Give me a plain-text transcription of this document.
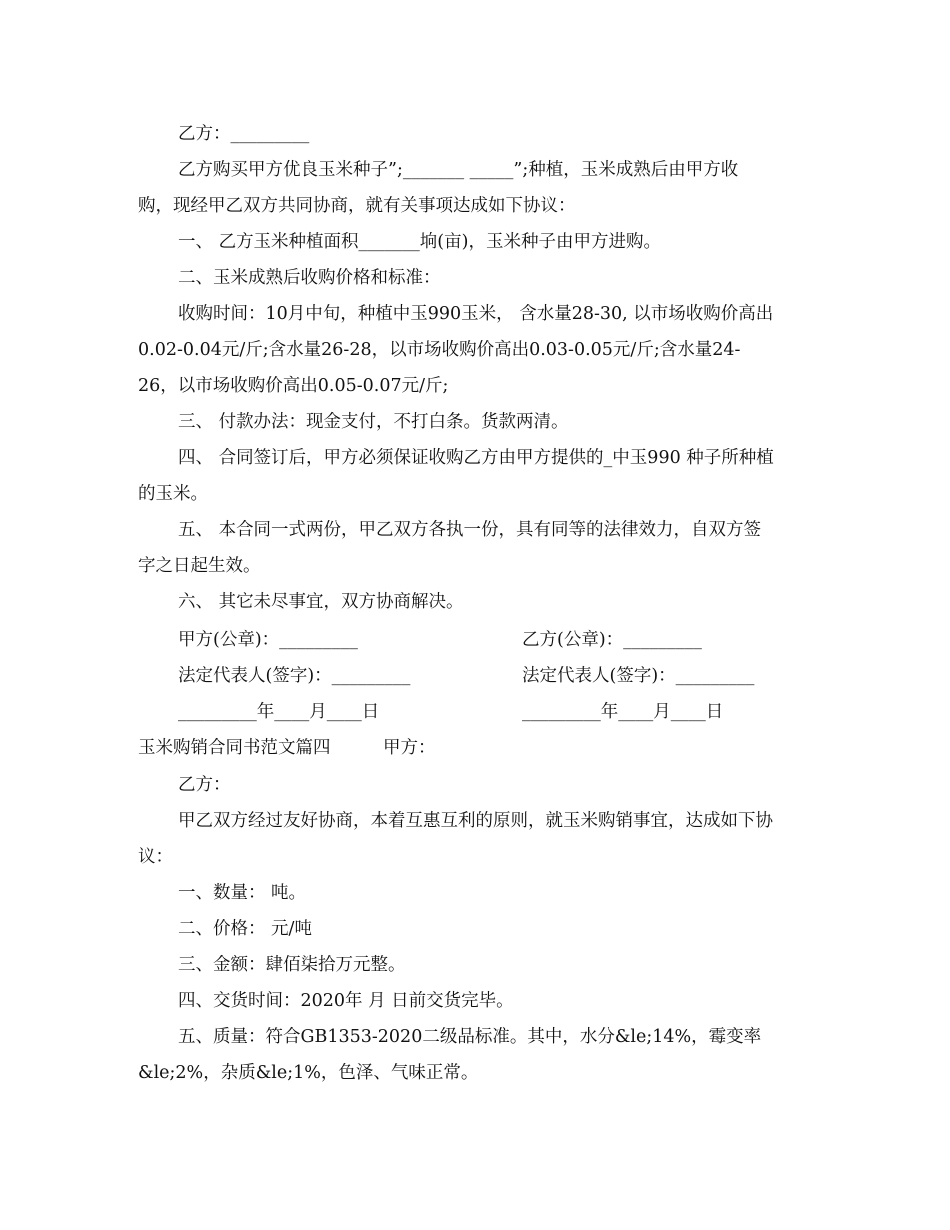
乙方：_________
乙方购买甲方优良玉米种子”;_______ _____”;种植，玉米成熟后由甲方收
购，现经甲乙双方共同协商，就有关事项达成如下协议：
一、 乙方玉米种植面积_______垧(亩)，玉米种子由甲方进购。
二、玉米成熟后收购价格和标准：
收购时间：10月中旬，种植中玉990玉米， 含水量28-30, 以市场收购价高出
0.02-0.04元/斤;含水量26-28，以市场收购价高出0.03-0.05元/斤;含水量24-
26，以市场收购价高出0.05-0.07元/斤;
三、 付款办法：现金支付，不打白条。货款两清。
四、 合同签订后，甲方必须保证收购乙方由甲方提供的_中玉990 种子所种植
的玉米。
五、 本合同一式两份，甲乙双方各执一份，具有同等的法律效力，自双方签
字之日起生效。
六、 其它未尽事宜，双方协商解决。
甲方(公章)：_________	乙方(公章)：_________
法定代表人(签字)：_________	法定代表人(签字)：_________
_________年____月____日	_________年____月____日
玉米购销合同书范文篇四	甲方：
乙方：
甲乙双方经过友好协商，本着互惠互利的原则，就玉米购销事宜，达成如下协
议：
一、数量： 吨。
二、价格： 元/吨
三、金额：肆佰柒拾万元整。
四、交货时间：2020年 月 日前交货完毕。
五、质量：符合GB1353-2020二级品标准。其中，水分&le;14%，霉变率
&le;2%，杂质&le;1%，色泽、气味正常。
